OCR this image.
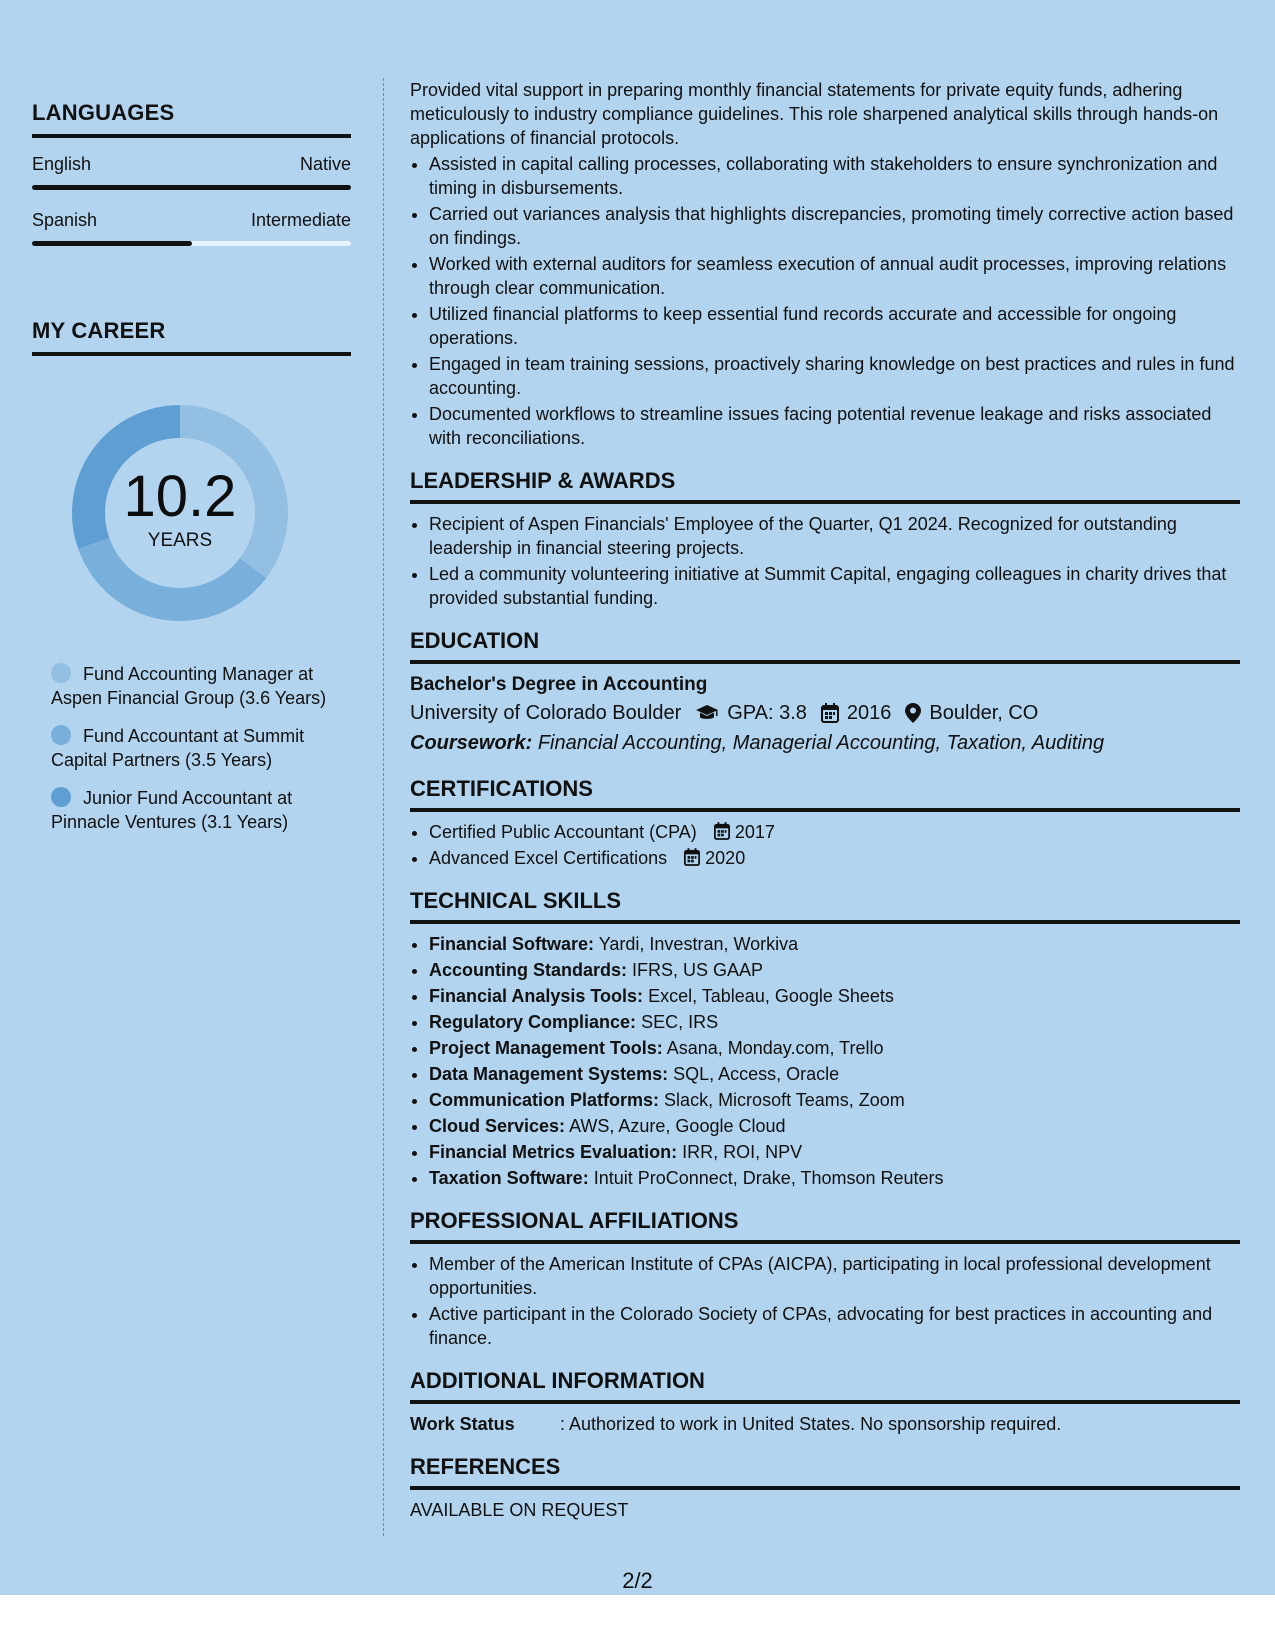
LANGUAGES
English	Native
Spanish	Intermediate
MY CAREER
10.2
YEARS
Fund Accounting Manager at Aspen Financial Group (3.6 Years)
Fund Accountant at Summit Capital Partners (3.5 Years)
Junior Fund Accountant at Pinnacle Ventures (3.1 Years)

Provided vital support in preparing monthly financial statements for private equity funds, adhering meticulously to industry compliance guidelines. This role sharpened analytical skills through hands-on applications of financial protocols.

• Assisted in capital calling processes, collaborating with stakeholders to ensure synchronization and timing in disbursements.
• Carried out variances analysis that highlights discrepancies, promoting timely corrective action based on findings.
• Worked with external auditors for seamless execution of annual audit processes, improving relations through clear communication.
• Utilized financial platforms to keep essential fund records accurate and accessible for ongoing operations.
• Engaged in team training sessions, proactively sharing knowledge on best practices and rules in fund accounting.
• Documented workflows to streamline issues facing potential revenue leakage and risks associated with reconciliations.
LEADERSHIP & AWARDS
• Recipient of Aspen Financials' Employee of the Quarter, Q1 2024. Recognized for outstanding leadership in financial steering projects.
• Led a community volunteering initiative at Summit Capital, engaging colleagues in charity drives that provided substantial funding.
EDUCATION
Bachelor's Degree in Accounting
University of Colorado Boulder GPA: 3.8 2016 Boulder, CO
Coursework: Financial Accounting, Managerial Accounting, Taxation, Auditing
CERTIFICATIONS
• Certified Public Accountant (CPA) 2017
• Advanced Excel Certifications 2020
TECHNICAL SKILLS
• Financial Software: Yardi, Investran, Workiva
• Accounting Standards: IFRS, US GAAP
• Financial Analysis Tools: Excel, Tableau, Google Sheets
• Regulatory Compliance: SEC, IRS
• Project Management Tools: Asana, Monday.com, Trello
• Data Management Systems: SQL, Access, Oracle
• Communication Platforms: Slack, Microsoft Teams, Zoom
• Cloud Services: AWS, Azure, Google Cloud
• Financial Metrics Evaluation: IRR, ROI, NPV
• Taxation Software: Intuit ProConnect, Drake, Thomson Reuters
PROFESSIONAL AFFILIATIONS
• Member of the American Institute of CPAs (AICPA), participating in local professional development opportunities.
• Active participant in the Colorado Society of CPAs, advocating for best practices in accounting and finance.
ADDITIONAL INFORMATION
Work Status	: Authorized to work in United States. No sponsorship required.
REFERENCES
AVAILABLE ON REQUEST
2/2
